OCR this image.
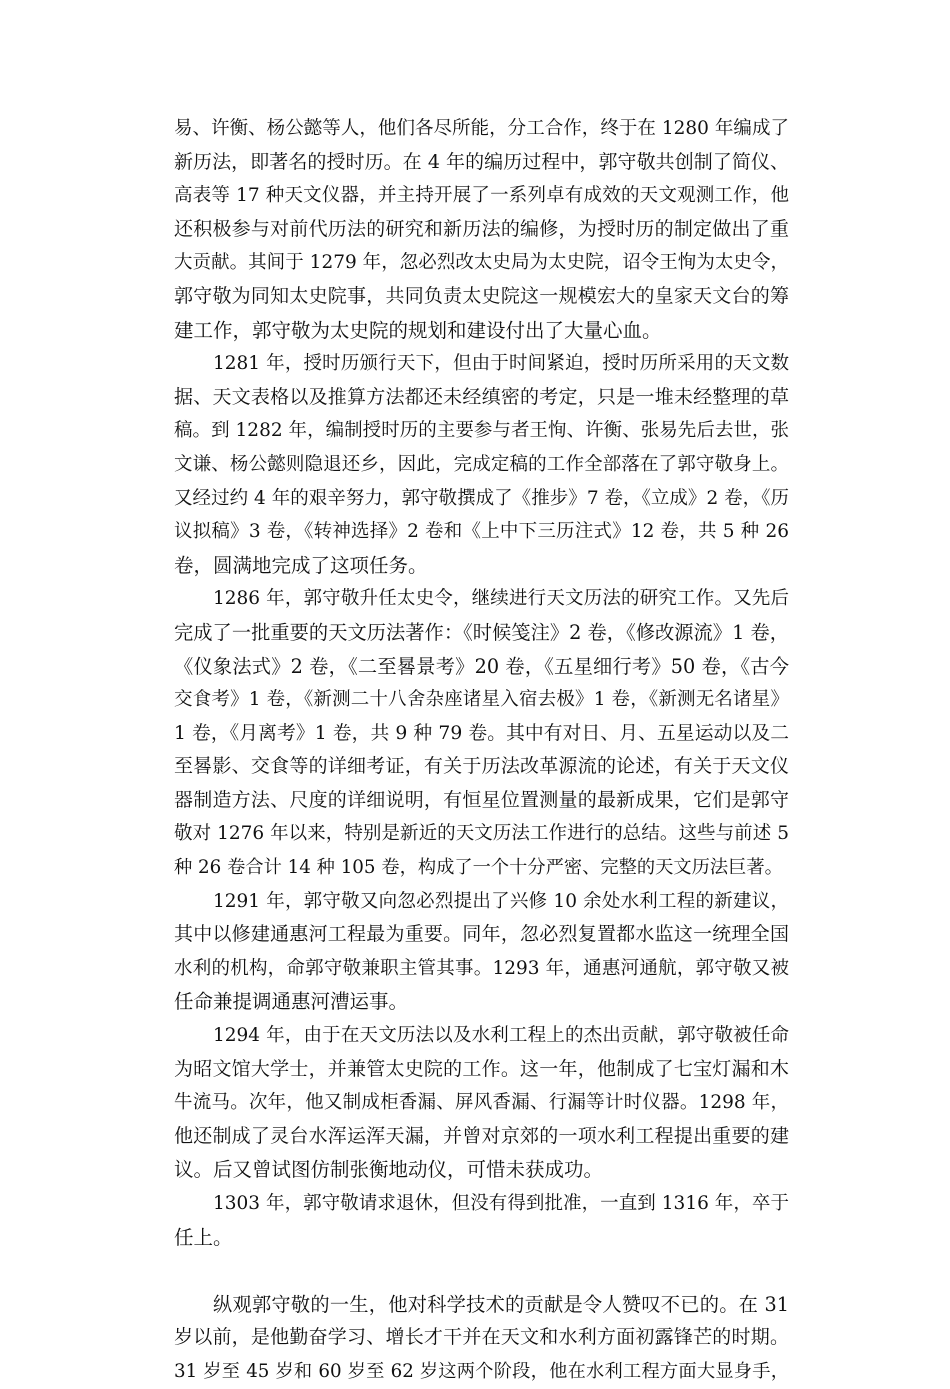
易、许衡、杨公懿等人，他们各尽所能，分工合作，终于在 1280 年编成了
新历法，即著名的授时历。在 4 年的编历过程中，郭守敬共创制了简仪、
高表等 17 种天文仪器，并主持开展了一系列卓有成效的天文观测工作，他
还积极参与对前代历法的研究和新历法的编修，为授时历的制定做出了重
大贡献。其间于 1279 年，忽必烈改太史局为太史院，诏令王恂为太史令，
郭守敬为同知太史院事，共同负责太史院这一规模宏大的皇家天文台的筹
建工作，郭守敬为太史院的规划和建设付出了大量心血。
1281 年，授时历颁行天下，但由于时间紧迫，授时历所采用的天文数
据、天文表格以及推算方法都还未经缜密的考定，只是一堆未经整理的草
稿。到 1282 年，编制授时历的主要参与者王恂、许衡、张易先后去世，张
文谦、杨公懿则隐退还乡，因此，完成定稿的工作全部落在了郭守敬身上。
又经过约 4 年的艰辛努力，郭守敬撰成了《推步》7 卷，《立成》2 卷，《历
议拟稿》3 卷，《转神选择》2 卷和《上中下三历注式》12 卷，共 5 种 26
卷，圆满地完成了这项任务。
1286 年，郭守敬升任太史令，继续进行天文历法的研究工作。又先后
完成了一批重要的天文历法著作：《时候笺注》2 卷，《修改源流》1 卷，
《仪象法式》2 卷，《二至晷景考》20 卷，《五星细行考》50 卷，《古今
交食考》1 卷，《新测二十八舍杂座诸星入宿去极》1 卷，《新测无名诸星》
1 卷，《月离考》1 卷，共 9 种 79 卷。其中有对日、月、五星运动以及二
至晷影、交食等的详细考证，有关于历法改革源流的论述，有关于天文仪
器制造方法、尺度的详细说明，有恒星位置测量的最新成果，它们是郭守
敬对 1276 年以来，特别是新近的天文历法工作进行的总结。这些与前述 5
种 26 卷合计 14 种 105 卷，构成了一个十分严密、完整的天文历法巨著。
1291 年，郭守敬又向忽必烈提出了兴修 10 余处水利工程的新建议，
其中以修建通惠河工程最为重要。同年，忽必烈复置都水监这一统理全国
水利的机构，命郭守敬兼职主管其事。1293 年，通惠河通航，郭守敬又被
任命兼提调通惠河漕运事。
1294 年，由于在天文历法以及水利工程上的杰出贡献，郭守敬被任命
为昭文馆大学士，并兼管太史院的工作。这一年，他制成了七宝灯漏和木
牛流马。次年，他又制成柜香漏、屏风香漏、行漏等计时仪器。1298 年，
他还制成了灵台水浑运浑天漏，并曾对京郊的一项水利工程提出重要的建
议。后又曾试图仿制张衡地动仪，可惜未获成功。
1303 年，郭守敬请求退休，但没有得到批准，一直到 1316 年，卒于
任上。
纵观郭守敬的一生，他对科学技术的贡献是令人赞叹不已的。在 31
岁以前，是他勤奋学习、增长才干并在天文和水利方面初露锋芒的时期。
31 岁至 45 岁和 60 岁至 62 岁这两个阶段，他在水利工程方面大显身手，
